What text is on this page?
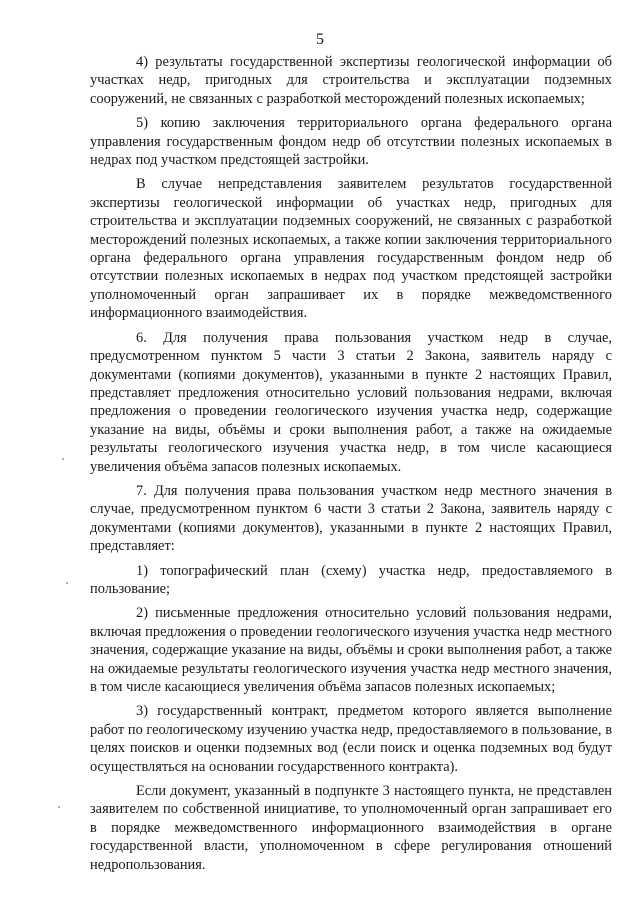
5

4) результаты государственной экспертизы геологической информации об участках недр, пригодных для строительства и эксплуатации подземных сооружений, не связанных с разработкой месторождений полезных ископаемых;

5) копию заключения территориального органа федерального органа управления государственным фондом недр об отсутствии полезных ископаемых в недрах под участком предстоящей застройки.

В случае непредставления заявителем результатов государственной экспертизы геологической информации об участках недр, пригодных для строительства и эксплуатации подземных сооружений, не связанных с разработкой месторождений полезных ископаемых, а также копии заключения территориального органа федерального органа управления государственным фондом недр об отсутствии полезных ископаемых в недрах под участком предстоящей застройки уполномоченный орган запрашивает их в порядке межведомственного информационного взаимодействия.

6. Для получения права пользования участком недр в случае, предусмотренном пунктом 5 части 3 статьи 2 Закона, заявитель наряду с документами (копиями документов), указанными в пункте 2 настоящих Правил, представляет предложения относительно условий пользования недрами, включая предложения о проведении геологического изучения участка недр, содержащие указание на виды, объёмы и сроки выполнения работ, а также на ожидаемые результаты геологического изучения участка недр, в том числе касающиеся увеличения объёма запасов полезных ископаемых.

7. Для получения права пользования участком недр местного значения в случае, предусмотренном пунктом 6 части 3 статьи 2 Закона, заявитель наряду с документами (копиями документов), указанными в пункте 2 настоящих Правил, представляет:

1) топографический план (схему) участка недр, предоставляемого в пользование;

2) письменные предложения относительно условий пользования недрами, включая предложения о проведении геологического изучения участка недр местного значения, содержащие указание на виды, объёмы и сроки выполнения работ, а также на ожидаемые результаты геологического изучения участка недр местного значения, в том числе касающиеся увеличения объёма запасов полезных ископаемых;

3) государственный контракт, предметом которого является выполнение работ по геологическому изучению участка недр, предоставляемого в пользование, в целях поисков и оценки подземных вод (если поиск и оценка подземных вод будут осуществляться на основании государственного контракта).

Если документ, указанный в подпункте 3 настоящего пункта, не представлен заявителем по собственной инициативе, то уполномоченный орган запрашивает его в порядке межведомственного информационного взаимодействия в органе государственной власти, уполномоченном в сфере регулирования отношений недропользования.
